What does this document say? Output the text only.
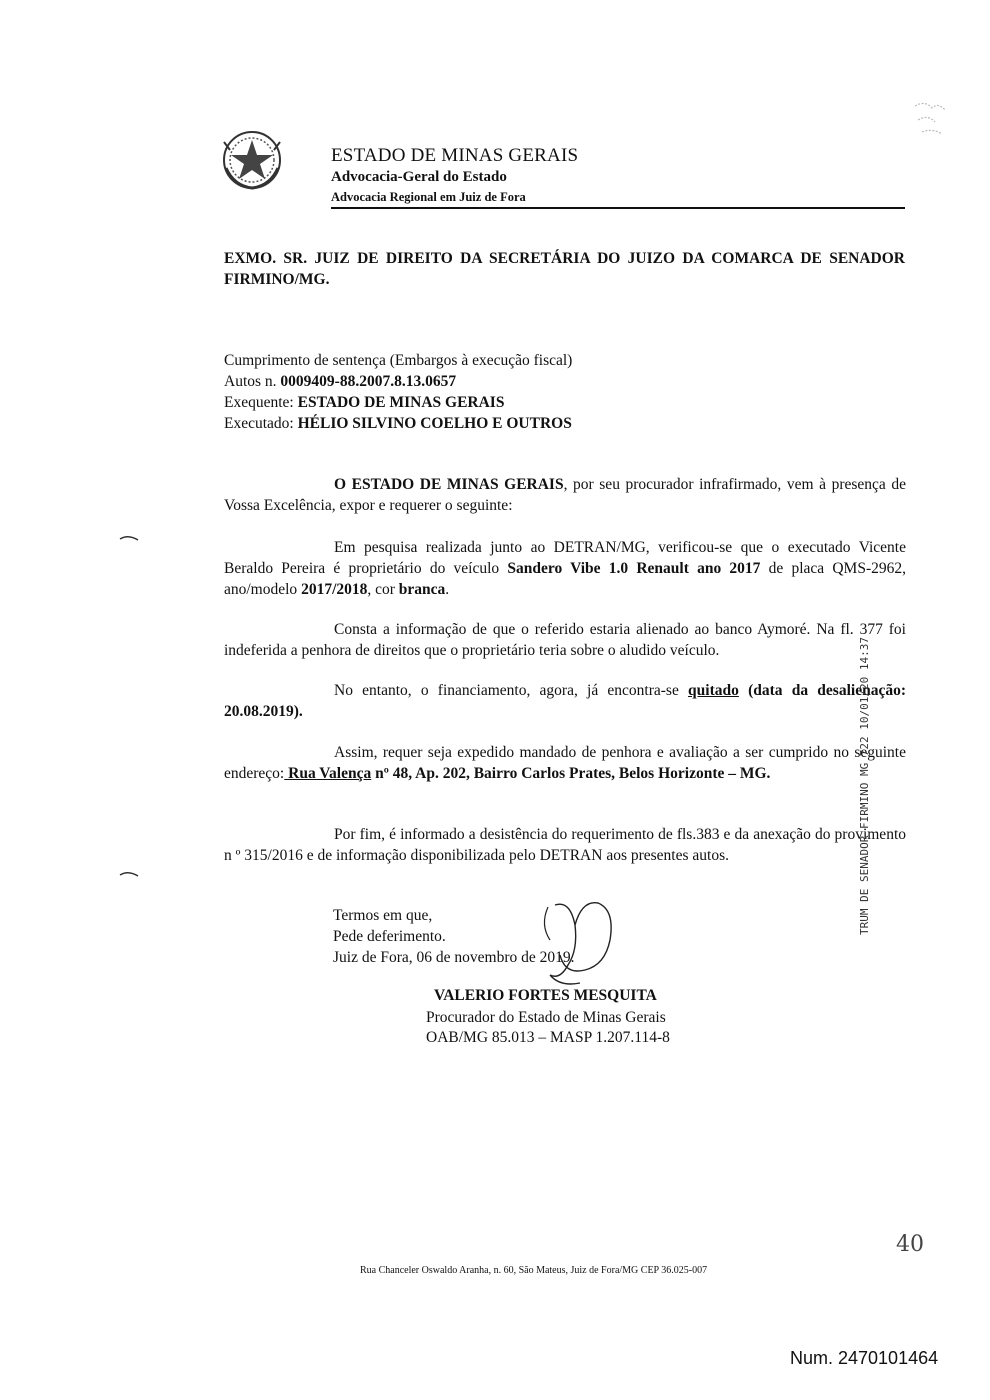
ESTADO DE MINAS GERAIS
Advocacia-Geral do Estado
Advocacia Regional em Juiz de Fora
EXMO. SR. JUIZ DE DIREITO DA SECRETÁRIA DO JUIZO DA COMARCA DE SENADOR FIRMINO/MG.
Cumprimento de sentença (Embargos à execução fiscal)
Autos n. 0009409-88.2007.8.13.0657
Exequente: ESTADO DE MINAS GERAIS
Executado: HÉLIO SILVINO COELHO E OUTROS
O ESTADO DE MINAS GERAIS, por seu procurador infrafirmado, vem à presença de Vossa Excelência, expor e requerer o seguinte:
Em pesquisa realizada junto ao DETRAN/MG, verificou-se que o executado Vicente Beraldo Pereira é proprietário do veículo Sandero Vibe 1.0 Renault ano 2017 de placa QMS-2962, ano/modelo 2017/2018, cor branca.
Consta a informação de que o referido estaria alienado ao banco Aymoré. Na fl. 377 foi indeferida a penhora de direitos que o proprietário teria sobre o aludido veículo.
No entanto, o financiamento, agora, já encontra-se quitado (data da desalienação: 20.08.2019).
Assim, requer seja expedido mandado de penhora e avaliação a ser cumprido no seguinte endereço: Rua Valença nº 48, Ap. 202, Bairro Carlos Prates, Belos Horizonte – MG.
Por fim, é informado a desistência do requerimento de fls.383 e da anexação do provimento n º 315/2016 e de informação disponibilizada pelo DETRAN aos presentes autos.	TRUM DE SENADOR FIRMINO MG 722 10/01/20 14:37
Termos em que,
Pede deferimento.
Juiz de Fora, 06 de novembro de 2019.
VALERIO FORTES MESQUITA
Procurador do Estado de Minas Gerais
OAB/MG 85.013 – MASP 1.207.114-8
40
Rua Chanceler Oswaldo Aranha, n. 60, São Mateus, Juiz de Fora/MG CEP 36.025-007
Num. 2470101464
